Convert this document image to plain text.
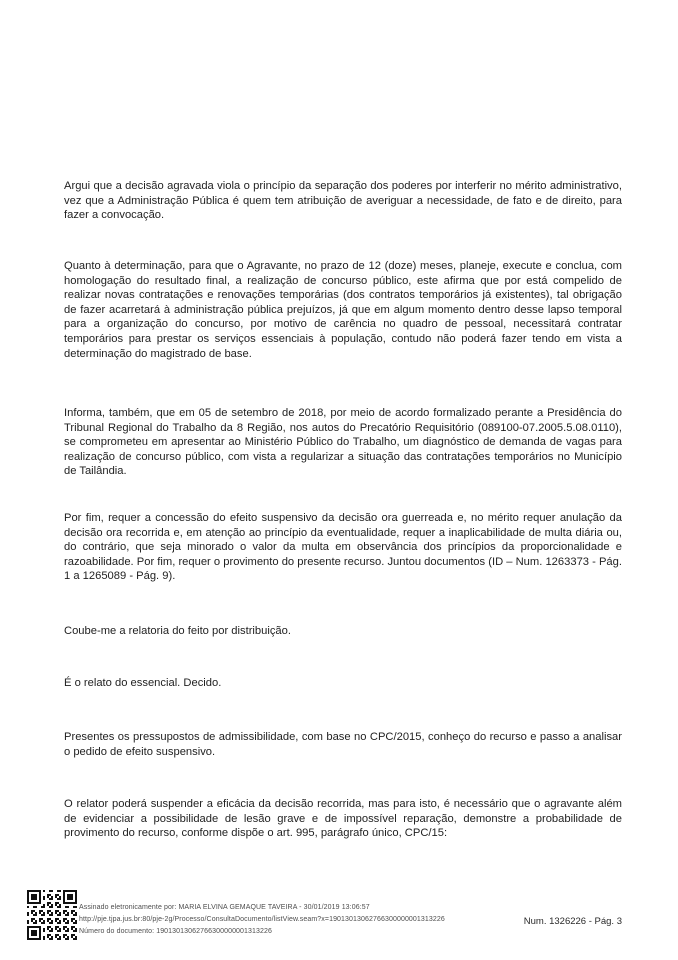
Argui que a decisão agravada viola o princípio da separação dos poderes por interferir no mérito administrativo, vez que a Administração Pública é quem tem atribuição de averiguar a necessidade, de fato e de direito, para fazer a convocação.

Quanto à determinação, para que o Agravante, no prazo de 12 (doze) meses, planeje, execute e conclua, com homologação do resultado final, a realização de concurso público, este afirma que por está compelido de realizar novas contratações e renovações temporárias (dos contratos temporários já existentes), tal obrigação de fazer acarretará à administração pública prejuízos, já que em algum momento dentro desse lapso temporal para a organização do concurso, por motivo de carência no quadro de pessoal, necessitará contratar temporários para prestar os serviços essenciais à população, contudo não poderá fazer tendo em vista a determinação do magistrado de base.

Informa, também, que em 05 de setembro de 2018, por meio de acordo formalizado perante a Presidência do Tribunal Regional do Trabalho da 8 Região, nos autos do Precatório Requisitório (089100-07.2005.5.08.0110), se comprometeu em apresentar ao Ministério Público do Trabalho, um diagnóstico de demanda de vagas para realização de concurso público, com vista a regularizar a situação das contratações temporários no Município de Tailândia.

Por fim, requer a concessão do efeito suspensivo da decisão ora guerreada e, no mérito requer anulação da decisão ora recorrida e, em atenção ao princípio da eventualidade, requer a inaplicabilidade de multa diária ou, do contrário, que seja minorado o valor da multa em observância dos princípios da proporcionalidade e razoabilidade. Por fim, requer o provimento do presente recurso. Juntou documentos (ID – Num. 1263373 - Pág. 1 a 1265089 - Pág. 9).

Coube-me a relatoria do feito por distribuição.

É o relato do essencial. Decido.

Presentes os pressupostos de admissibilidade, com base no CPC/2015, conheço do recurso e passo a analisar o pedido de efeito suspensivo.

O relator poderá suspender a eficácia da decisão recorrida, mas para isto, é necessário que o agravante além de evidenciar a possibilidade de lesão grave e de impossível reparação, demonstre a probabilidade de provimento do recurso, conforme dispõe o art. 995, parágrafo único, CPC/15:

Assinado eletronicamente por: MARIA ELVINA GEMAQUE TAVEIRA - 30/01/2019 13:06:57
http://pje.tjpa.jus.br:80/pje-2g/Processo/ConsultaDocumento/listView.seam?x=19013013062766300000001313226
Número do documento: 19013013062766300000001313226
Num. 1326226 - Pág. 3
